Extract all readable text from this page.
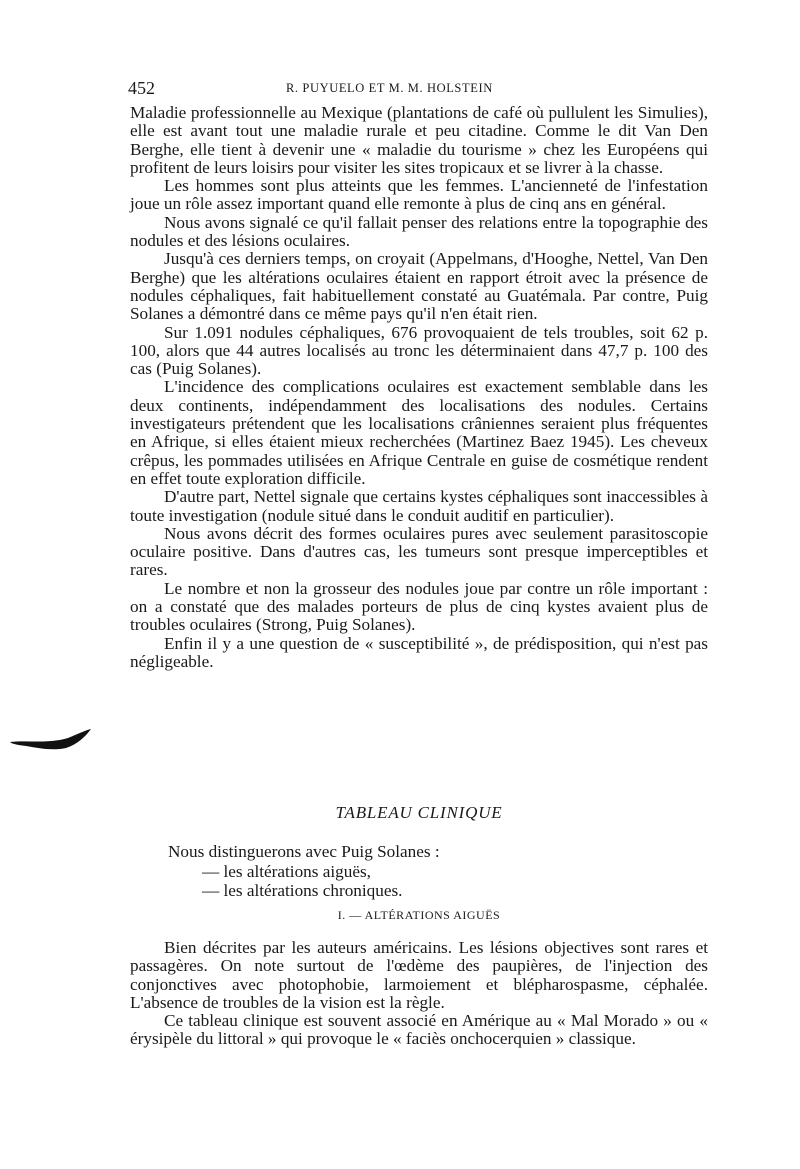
452	R. PUYUELO ET M. M. HOLSTEIN

Maladie professionnelle au Mexique (plantations de café où pullulent les Simulies), elle est avant tout une maladie rurale et peu citadine. Comme le dit Van Den Berghe, elle tient à devenir une « maladie du tourisme » chez les Européens qui profitent de leurs loisirs pour visiter les sites tropicaux et se livrer à la chasse.

Les hommes sont plus atteints que les femmes. L'ancienneté de l'infestation joue un rôle assez important quand elle remonte à plus de cinq ans en général.

Nous avons signalé ce qu'il fallait penser des relations entre la topographie des nodules et des lésions oculaires.

Jusqu'à ces derniers temps, on croyait (Appelmans, d'Hooghe, Nettel, Van Den Berghe) que les altérations oculaires étaient en rapport étroit avec la présence de nodules céphaliques, fait habituellement constaté au Guatémala. Par contre, Puig Solanes a démontré dans ce même pays qu'il n'en était rien.

Sur 1.091 nodules céphaliques, 676 provoquaient de tels troubles, soit 62 p. 100, alors que 44 autres localisés au tronc les déterminaient dans 47,7 p. 100 des cas (Puig Solanes).

L'incidence des complications oculaires est exactement semblable dans les deux continents, indépendamment des localisations des nodules. Certains investigateurs prétendent que les localisations crâniennes seraient plus fréquentes en Afrique, si elles étaient mieux recherchées (Martinez Baez 1945). Les cheveux crêpus, les pommades utilisées en Afrique Centrale en guise de cosmétique rendent en effet toute exploration difficile.

D'autre part, Nettel signale que certains kystes céphaliques sont inaccessibles à toute investigation (nodule situé dans le conduit auditif en particulier).

Nous avons décrit des formes oculaires pures avec seulement parasitoscopie oculaire positive. Dans d'autres cas, les tumeurs sont presque imperceptibles et rares.

Le nombre et non la grosseur des nodules joue par contre un rôle important : on a constaté que des malades porteurs de plus de cinq kystes avaient plus de troubles oculaires (Strong, Puig Solanes).

Enfin il y a une question de « susceptibilité », de prédisposition, qui n'est pas négligeable.

TABLEAU CLINIQUE
Nous distinguerons avec Puig Solanes :
— les altérations aiguës,
— les altérations chroniques.
I. — ALTÉRATIONS AIGUËS

Bien décrites par les auteurs américains. Les lésions objectives sont rares et passagères. On note surtout de l'œdème des paupières, de l'injection des conjonctives avec photophobie, larmoiement et blépharospasme, céphalée. L'absence de troubles de la vision est la règle.

Ce tableau clinique est souvent associé en Amérique au « Mal Morado » ou « érysipèle du littoral » qui provoque le « faciès onchocerquien » classique.
